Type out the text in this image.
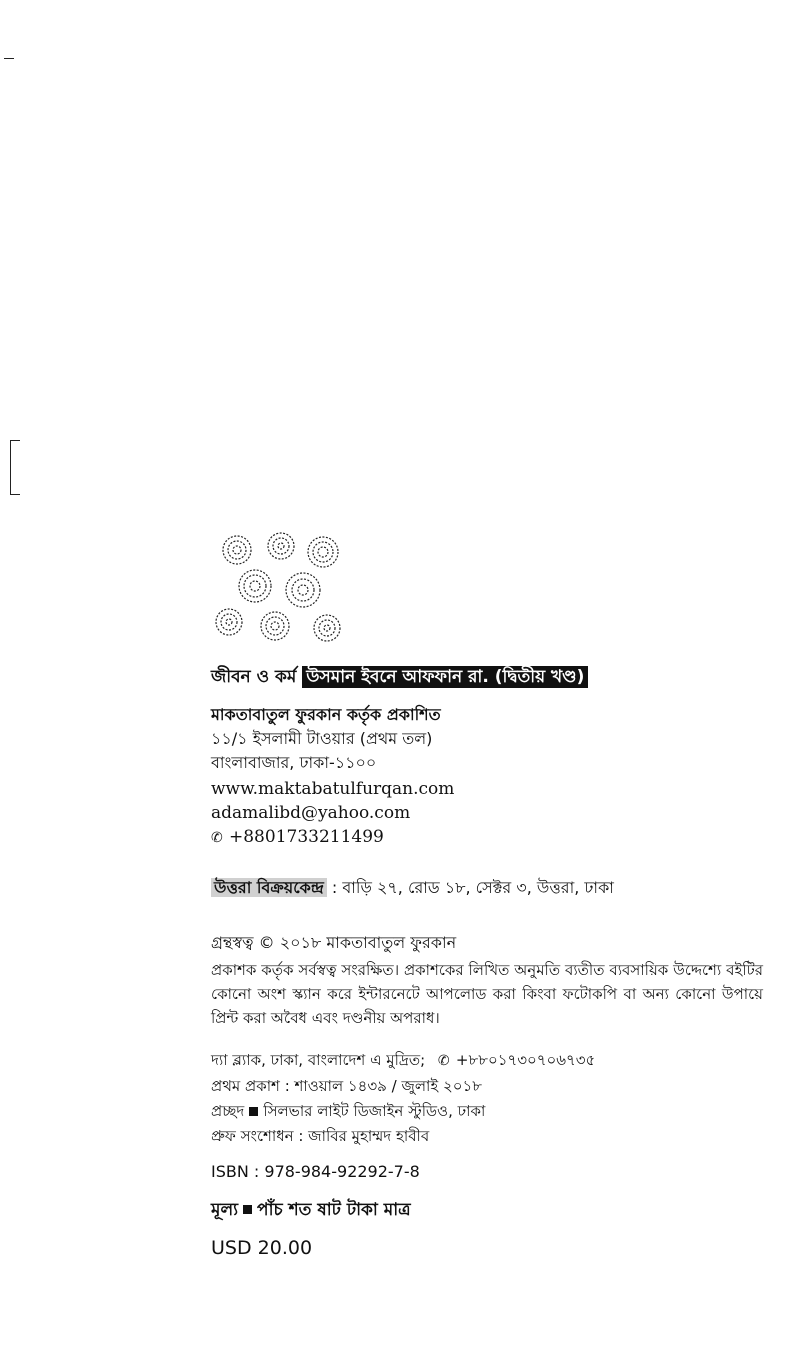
জীবন ও কর্ম উসমান ইবনে আফফান রা. (দ্বিতীয় খণ্ড)
মাকতাবাতুল ফুরকান কর্তৃক প্রকাশিত
১১/১ ইসলামী টাওয়ার (প্রথম তল)
বাংলাবাজার, ঢাকা-১১০০
www.maktabatulfurqan.com
adamalibd@yahoo.com
✆ +8801733211499
উত্তরা বিক্রয়কেন্দ্র : বাড়ি ২৭, রোড ১৮, সেক্টর ৩, উত্তরা, ঢাকা
গ্রন্থস্বত্ব © ২০১৮ মাকতাবাতুল ফুরকান
প্রকাশক কর্তৃক সর্বস্বত্ব সংরক্ষিত। প্রকাশকের লিখিত অনুমতি ব্যতীত ব্যবসায়িক উদ্দেশ্যে বইটির কোনো অংশ স্ক্যান করে ইন্টারনেটে আপলোড করা কিংবা ফটোকপি বা অন্য কোনো উপায়ে প্রিন্ট করা অবৈধ এবং দণ্ডনীয় অপরাধ।
দ্যা ব্ল্যাক, ঢাকা, বাংলাদেশ এ মুদ্রিত; ✆ +৮৮০১৭৩০৭০৬৭৩৫
প্রথম প্রকাশ : শাওয়াল ১৪৩৯ / জুলাই ২০১৮
প্রচ্ছদ সিলভার লাইট ডিজাইন স্টুডিও, ঢাকা
প্রুফ সংশোধন : জাবির মুহাম্মদ হাবীব
ISBN : 978-984-92292-7-8
মূল্য পাঁচ শত ষাট টাকা মাত্র
USD 20.00
